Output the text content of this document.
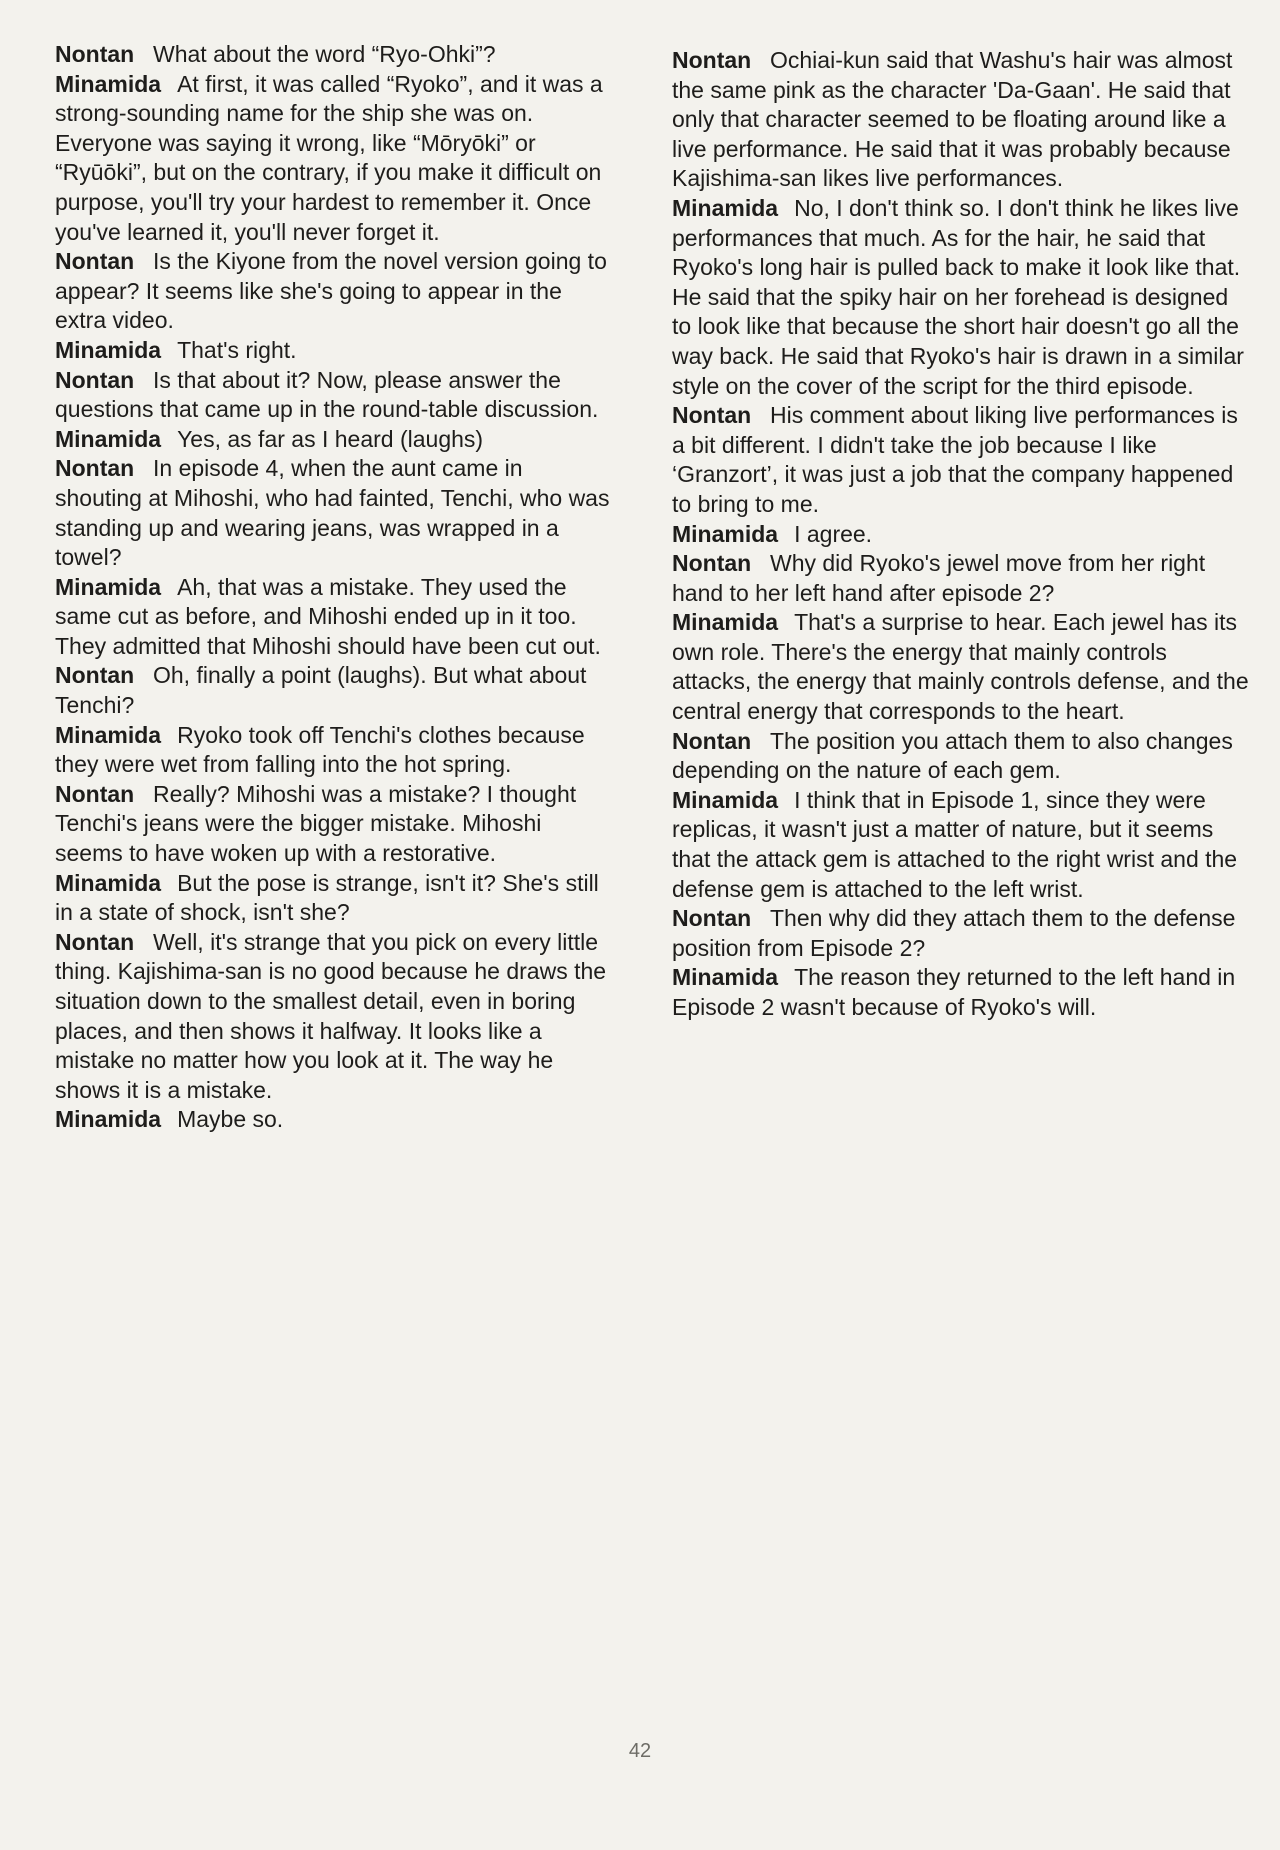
Nontan What about the word “Ryo-Ohki”?

Minamida At first, it was called “Ryoko”, and it was a strong-sounding name for the ship she was on. Everyone was saying it wrong, like “Mōryōki” or “Ryūōki”, but on the contrary, if you make it difficult on purpose, you'll try your hardest to remember it. Once you've learned it, you'll never forget it.

Nontan Is the Kiyone from the novel version going to appear? It seems like she's going to appear in the extra video.

Minamida That's right.

Nontan Is that about it? Now, please answer the questions that came up in the round-table discussion.

Minamida Yes, as far as I heard (laughs)

Nontan In episode 4, when the aunt came in shouting at Mihoshi, who had fainted, Tenchi, who was standing up and wearing jeans, was wrapped in a towel?

Minamida Ah, that was a mistake. They used the same cut as before, and Mihoshi ended up in it too. They admitted that Mihoshi should have been cut out.

Nontan Oh, finally a point (laughs). But what about Tenchi?

Minamida Ryoko took off Tenchi's clothes because they were wet from falling into the hot spring.

Nontan Really? Mihoshi was a mistake? I thought Tenchi's jeans were the bigger mistake. Mihoshi seems to have woken up with a restorative.

Minamida But the pose is strange, isn't it? She's still in a state of shock, isn't she?

Nontan Well, it's strange that you pick on every little thing. Kajishima-san is no good because he draws the situation down to the smallest detail, even in boring places, and then shows it halfway. It looks like a mistake no matter how you look at it. The way he shows it is a mistake.

Minamida Maybe so.

Nontan Ochiai-kun said that Washu's hair was almost the same pink as the character 'Da-Gaan'. He said that only that character seemed to be floating around like a live performance. He said that it was probably because Kajishima-san likes live performances.

Minamida No, I don't think so. I don't think he likes live performances that much. As for the hair, he said that Ryoko's long hair is pulled back to make it look like that. He said that the spiky hair on her forehead is designed to look like that because the short hair doesn't go all the way back. He said that Ryoko's hair is drawn in a similar style on the cover of the script for the third episode.

Nontan His comment about liking live performances is a bit different. I didn't take the job because I like ‘Granzort’, it was just a job that the company happened to bring to me.

Minamida I agree.

Nontan Why did Ryoko's jewel move from her right hand to her left hand after episode 2?

Minamida That's a surprise to hear. Each jewel has its own role. There's the energy that mainly controls attacks, the energy that mainly controls defense, and the central energy that corresponds to the heart.

Nontan The position you attach them to also changes depending on the nature of each gem.

Minamida I think that in Episode 1, since they were replicas, it wasn't just a matter of nature, but it seems that the attack gem is attached to the right wrist and the defense gem is attached to the left wrist.

Nontan Then why did they attach them to the defense position from Episode 2?

Minamida The reason they returned to the left hand in Episode 2 wasn't because of Ryoko's will.

42
